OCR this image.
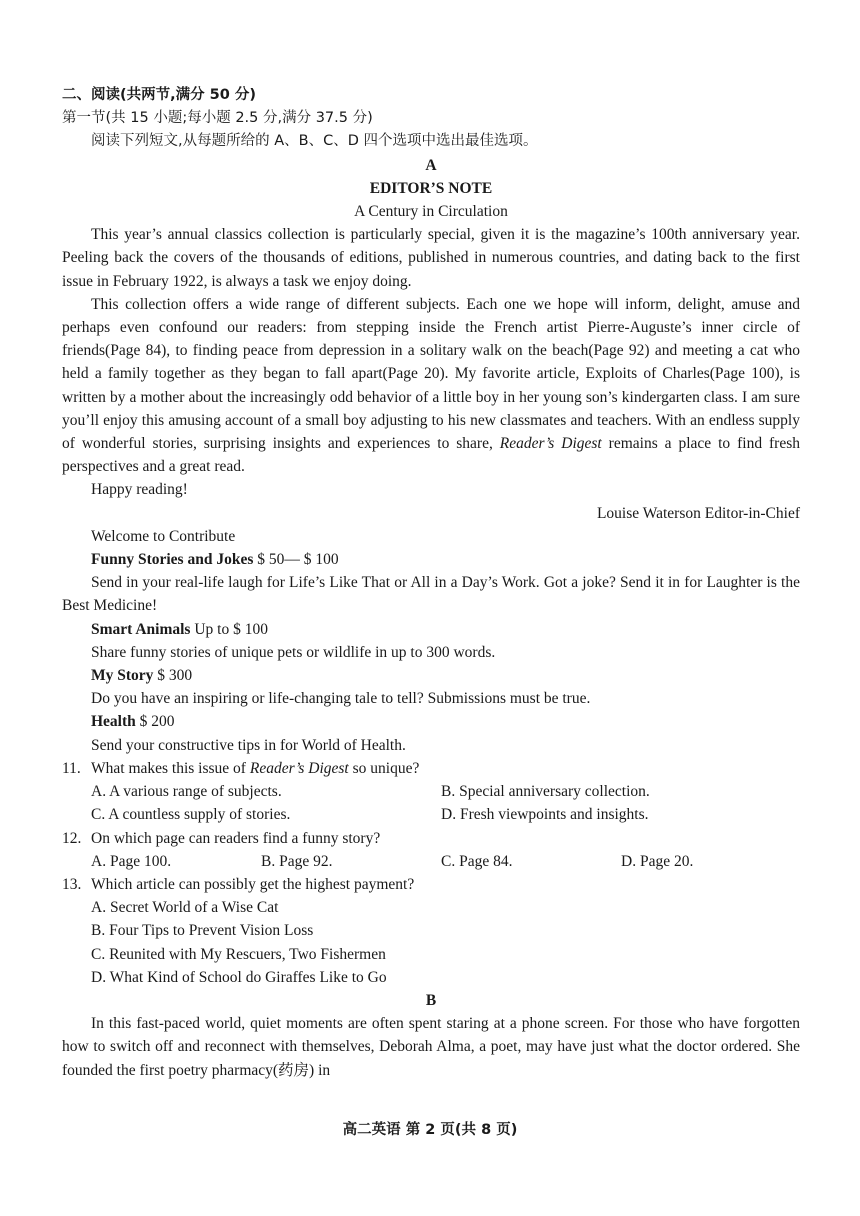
二、阅读(共两节,满分 50 分)

第一节(共 15 小题;每小题 2.5 分,满分 37.5 分)

阅读下列短文,从每题所给的 A、B、C、D 四个选项中选出最佳选项。

A

EDITOR’S NOTE

A Century in Circulation

This year’s annual classics collection is particularly special, given it is the magazine’s 100th anniversary year. Peeling back the covers of the thousands of editions, published in numerous countries, and dating back to the first issue in February 1922, is always a task we enjoy doing.

This collection offers a wide range of different subjects. Each one we hope will inform, delight, amuse and perhaps even confound our readers: from stepping inside the French artist Pierre-Auguste’s inner circle of friends(Page 84), to finding peace from depression in a solitary walk on the beach(Page 92) and meeting a cat who held a family together as they began to fall apart(Page 20). My favorite article, Exploits of Charles(Page 100), is written by a mother about the increasingly odd behavior of a little boy in her young son’s kindergarten class. I am sure you’ll enjoy this amusing account of a small boy adjusting to his new classmates and teachers. With an endless supply of wonderful stories, surprising insights and experiences to share, Reader’s Digest remains a place to find fresh perspectives and a great read.

Happy reading!

Louise Waterson Editor-in-Chief

Welcome to Contribute

Funny Stories and Jokes $ 50— $ 100

Send in your real-life laugh for Life’s Like That or All in a Day’s Work. Got a joke? Send it in for Laughter is the Best Medicine!

Smart Animals Up to $ 100

Share funny stories of unique pets or wildlife in up to 300 words.

My Story $ 300

Do you have an inspiring or life-changing tale to tell? Submissions must be true.

Health $ 200

Send your constructive tips in for World of Health.

11. What makes this issue of Reader’s Digest so unique?
A. A various range of subjects.	B. Special anniversary collection.
C. A countless supply of stories.	D. Fresh viewpoints and insights.
12. On which page can readers find a funny story?
A. Page 100.	B. Page 92.	C. Page 84.	D. Page 20.
13. Which article can possibly get the highest payment?

A. Secret World of a Wise Cat

B. Four Tips to Prevent Vision Loss

C. Reunited with My Rescuers, Two Fishermen

D. What Kind of School do Giraffes Like to Go

B

In this fast-paced world, quiet moments are often spent staring at a phone screen. For those who have forgotten how to switch off and reconnect with themselves, Deborah Alma, a poet, may have just what the doctor ordered. She founded the first poetry pharmacy(药房) in

高二英语 第 2 页(共 8 页)
